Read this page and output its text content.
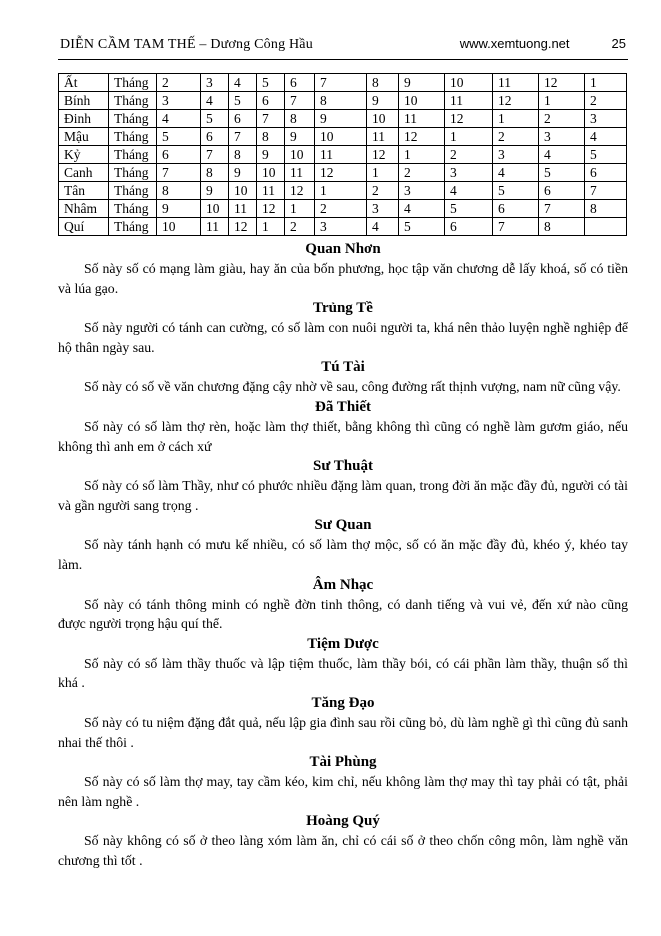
DIỄN CẦM TAM THẾ – Dương Công Hầu	www.xemtuong.net	25
Ất	Tháng	2	3	4	5	6	7	8	9	10	11	12	1
Bính	Tháng	3	4	5	6	7	8	9	10	11	12	1	2
Đinh	Tháng	4	5	6	7	8	9	10	11	12	1	2	3
Mậu	Tháng	5	6	7	8	9	10	11	12	1	2	3	4
Kỷ	Tháng	6	7	8	9	10	11	12	1	2	3	4	5
Canh	Tháng	7	8	9	10	11	12	1	2	3	4	5	6
Tân	Tháng	8	9	10	11	12	1	2	3	4	5	6	7
Nhâm	Tháng	9	10	11	12	1	2	3	4	5	6	7	8
Quí	Tháng	10	11	12	1	2	3	4	5	6	7	8	
Quan Nhơn

Số này số có mạng làm giàu, hay ăn của bốn phương, học tập văn chương dễ lấy khoá, số có tiền và lúa gạo.

Trủng Tề

Số này người có tánh can cường, có số làm con nuôi người ta, khá nên thảo luyện nghề nghiệp để hộ thân ngày sau.

Tú Tài

Số này có số về văn chương đặng cậy nhờ về sau, công đường rất thịnh vượng, nam nữ cũng vậy.

Đã Thiết

Số này có số làm thợ rèn, hoặc làm thợ thiết, bằng không thì cũng có nghề làm gươm giáo, nếu không thì anh em ở cách xứ

Sư Thuật

Số này có số làm Thầy, như có phước nhiều đặng làm quan, trong đời ăn mặc đầy đủ, người có tài và gần người sang trọng .

Sư Quan

Số này tánh hạnh có mưu kế nhiều, có số làm thợ mộc, số có ăn mặc đầy đủ, khéo ý, khéo tay làm.

Âm Nhạc

Số này có tánh thông minh có nghề đờn tinh thông, có danh tiếng và vui vẻ, đến xứ nào cũng được người trọng hậu quí thể.

Tiệm Dược

Số này có số làm thầy thuốc và lập tiệm thuốc, làm thầy bói, có cái phần làm thầy, thuận số thì khá .

Tăng Đạo

Số này có tu niệm đặng đắt quả, nếu lập gia đình sau rồi cũng bỏ, dù làm nghề gì thì cũng đủ sanh nhai thế thôi .

Tài Phùng

Số này có số làm thợ may, tay cầm kéo, kim chỉ, nếu không làm thợ may thì tay phải có tật, phải nên làm nghề .

Hoàng Quý

Số này không có số ở theo làng xóm làm ăn, chỉ có cái số ở theo chốn công môn, làm nghề văn chương thì tốt .
